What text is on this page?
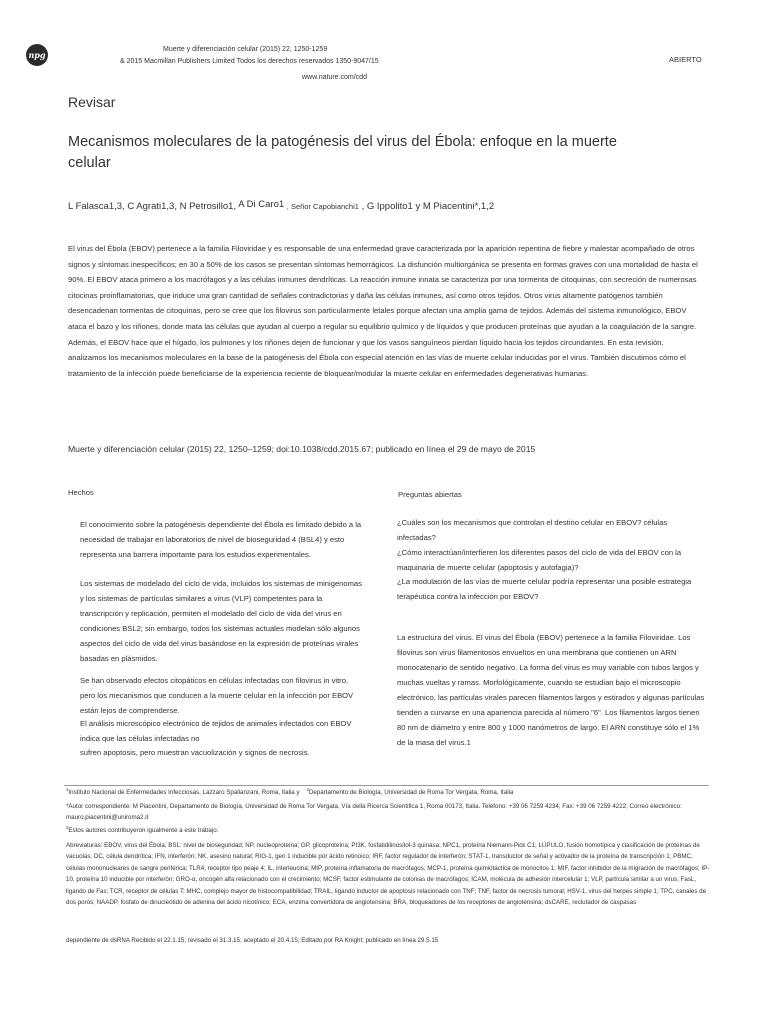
npg
Muerte y diferenciación celular (2015) 22, 1250-1259
& 2015 Macmillan Publishers Limited Todos los derechos reservados 1350-9047/15
www.nature.com/cdd
ABIERTO
Revisar
Mecanismos moleculares de la patogénesis del virus del Ébola: enfoque en la muerte celular
L Falasca1,3, C Agrati1,3, N Petrosillo1, A Di Caro1 , Señor Capobianchi1 , G Ippolito1 y M Piacentini*,1,2
El virus del Ébola (EBOV) pertenece a la familia Filoviridae y es responsable de una enfermedad grave caracterizada por la aparición repentina de fiebre y malestar acompañado de otros signos y síntomas inespecíficos; en 30 a 50% de los casos se presentan síntomas hemorrágicos. La disfunción multiorgánica se presenta en formas graves con una mortalidad de hasta el 90%. El EBOV ataca primero a los macrófagos y a las células inmunes dendríticas. La reacción inmune innata se caracteriza por una tormenta de citoquinas, con secreción de numerosas citocinas proinflamatorias, que induce una gran cantidad de señales contradictorias y daña las células inmunes, así como otros tejidos. Otros virus altamente patógenos también desencadenan tormentas de citoquinas, pero se cree que los filovirus son particularmente letales porque afectan una amplia gama de tejidos. Además del sistema inmunológico, EBOV ataca el bazo y los riñones, donde mata las células que ayudan al cuerpo a regular su equilibrio químico y de líquidos y que producen proteínas que ayudan a la coagulación de la sangre. Además, el EBOV hace que el hígado, los pulmones y los riñones dejen de funcionar y que los vasos sanguíneos pierdan líquido hacia los tejidos circundantes. En esta revisión, analizamos los mecanismos moleculares en la base de la patogénesis del Ébola con especial atención en las vías de muerte celular inducidas por el virus. También discutimos cómo el tratamiento de la infección puede beneficiarse de la experiencia reciente de bloquear/modular la muerte celular en enfermedades degenerativas humanas.
Muerte y diferenciación celular (2015) 22, 1250–1259; doi:10.1038/cdd.2015.67; publicado en línea el 29 de mayo de 2015
Hechos
El conocimiento sobre la patogénesis dependiente del Ébola es limitado debido a la necesidad de trabajar en laboratorios de nivel de bioseguridad 4 (BSL4) y esto representa una barrera importante para los estudios experimentales.
Los sistemas de modelado del ciclo de vida, incluidos los sistemas de minigenomas y los sistemas de partículas similares a virus (VLP) competentes para la transcripción y replicación, permiten el modelado del ciclo de vida del virus en condiciones BSL2; sin embargo, todos los sistemas actuales modelan sólo algunos aspectos del ciclo de vida del virus basándose en la expresión de proteínas virales basadas en plásmidos.
Se han observado efectos citopáticos en células infectadas con filovirus in vitro, pero los mecanismos que conducen a la muerte celular en la infección por EBOV están lejos de comprenderse.
El análisis microscópico electrónico de tejidos de animales infectados con EBOV indica que las células infectadas no
sufren apoptosis, pero muestran vacuolización y signos de necrosis.
Preguntas abiertas
¿Cuáles son los mecanismos que controlan el destino celular en EBOV? células infectadas?
¿Cómo interactúan/interfieren los diferentes pasos del ciclo de vida del EBOV con la maquinaria de muerte celular (apoptosis y autofagia)?
¿La modulación de las vías de muerte celular podría representar una posible estrategia terapéutica contra la infección por EBOV?
La estructura del virus. El virus del Ébola (EBOV) pertenece a la familia Filoviridae. Los filovirus son virus filamentosos envueltos en una membrana que contienen un ARN monocatenario de sentido negativo. La forma del virus es muy variable con tubos largos y muchas vueltas y ramas. Morfológicamente, cuando se estudian bajo el microscopio electrónico, las partículas virales parecen filamentos largos y estirados y algunas partículas tienden a curvarse en una apariencia parecida al número "6". Los filamentos largos tienen 80 nm de diámetro y entre 800 y 1000 nanómetros de largo. El ARN constituye sólo el 1% de la masa del virus.1
$^1$Instituto Nacional de Enfermedades Infecciosas, Lazzaro Spallanzani, Roma, Italia y $^2$Departamento de Biología, Universidad de Roma Tor Vergata, Roma, Italia
*Autor correspondiente: M Piacentini, Departamento de Biología, Universidad de Roma Tor Vergata, Vía della Ricerca Scientifica 1, Roma 00173, Italia. Teléfono: +39 06 7259 4234; Fax: +39 06 7259 4222; Correo electrónico: mauro.piacentini@uniroma2.it
$^3$Estos autores contribuyeron igualmente a este trabajo.
Abreviaturas: EBOV, virus del Ébola; BSL: nivel de bioseguridad; NP, nucleoproteína; GP, glicoproteína; PI3K, fosfatidilinositol-3 quinasa; NPC1, proteína Niemann-Pick C1; LÚPULO, fusión homotípica y clasificación de proteínas de vacuolas; DC, célula dendrítica; IFN, interferón; NK, asesino natural; RIG-1, gen 1 inducible por ácido retinoico; IRF, factor regulador de interferón; STAT-1, transductor de señal y activador de la proteína de transcripción 1; PBMC, células mononucleares de sangre periférica; TLR4, receptor tipo peaje 4; IL, interleucina; MIP, proteína inflamatoria de macrófagos; MCP-1, proteína quimiotáctica de monocitos 1; MIF, factor inhibidor de la migración de macrófagos; IP-10, proteína 10 inducible por interferón; GRO-α, oncogén alfa relacionado con el crecimiento; MCSF, factor estimulante de colonias de macrófagos; ICAM, molécula de adhesión intercelular 1; VLP, partícula similar a un virus; FasL, ligando de Fas; TCR, receptor de células T; MHC, complejo mayor de histocompatibilidad; TRAIL, ligando inductor de apoptosis relacionado con TNF; TNF, factor de necrosis tumoral; HSV-1, virus del herpes simple 1; TPC, canales de dos poros; NAADP, fosfato de dinucleótido de adenina del ácido nicotínico; ECA, enzima convertidora de angiotensina; BRA, bloqueadores de los receptores de angiotensina; dsCARE, reclutador de caspasas
dependiente de dsRNA Recibido el 22.1.15; revisado el 31.3.15; aceptado el 20.4.15; Editado por RA Knight; publicado en línea 29.5.15
